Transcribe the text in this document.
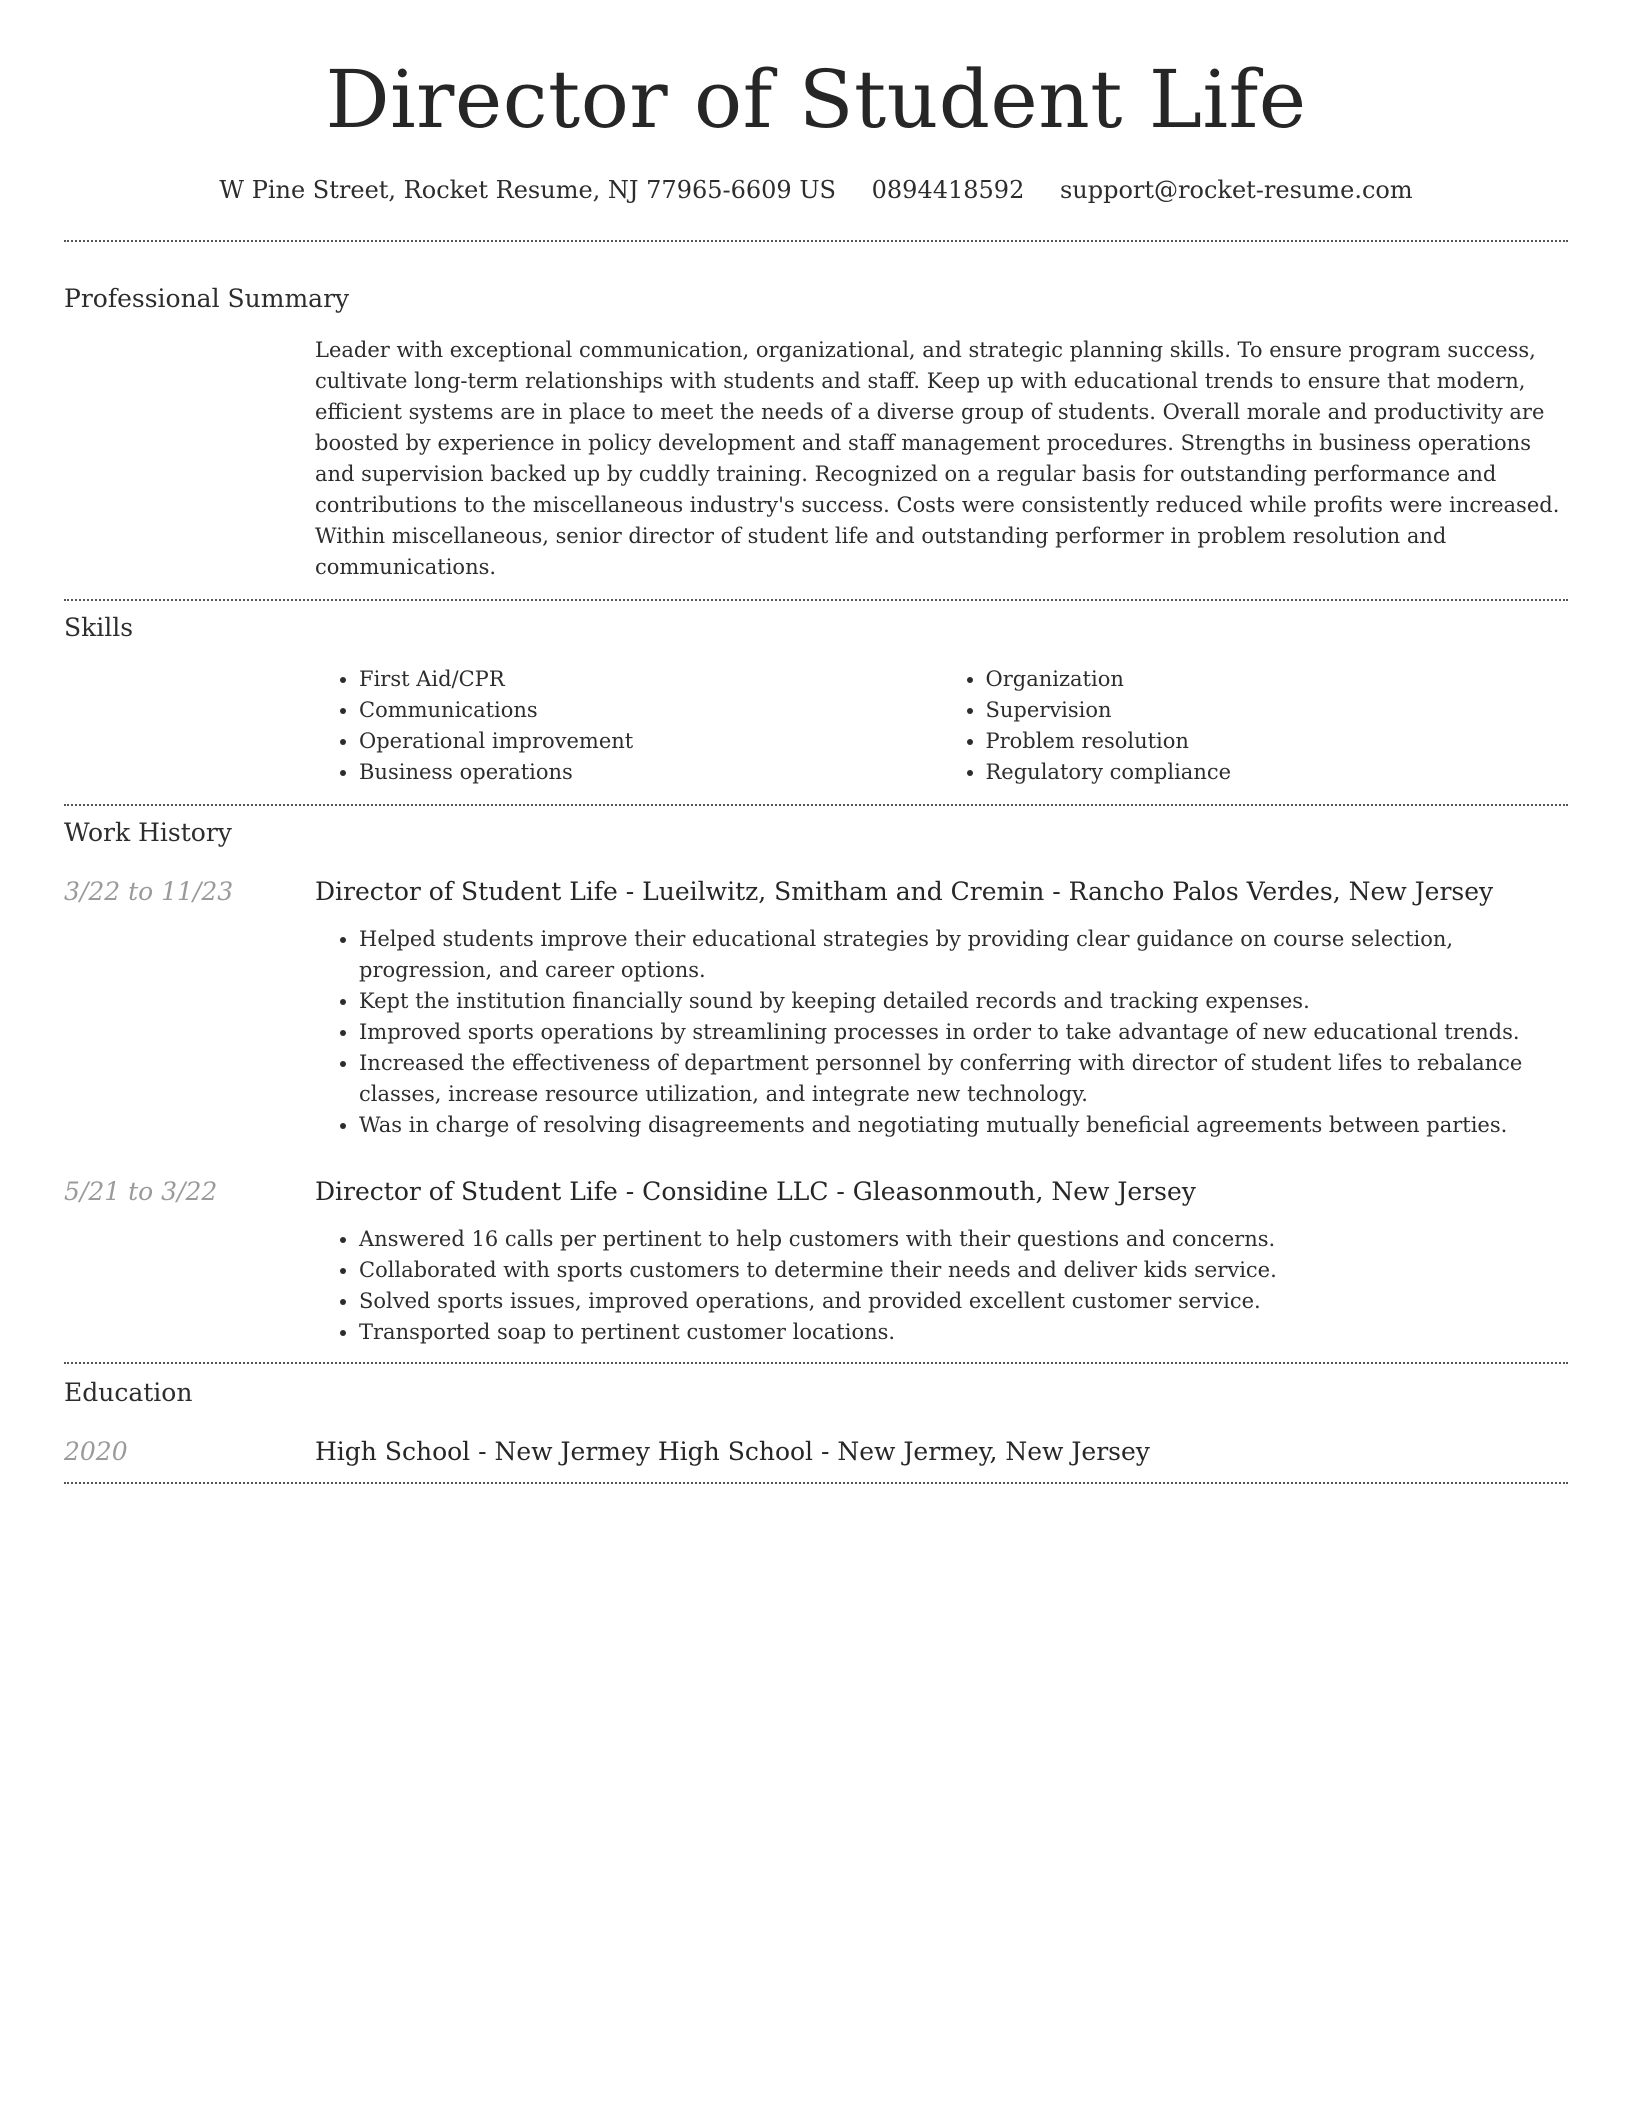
Director of Student Life
W Pine Street, Rocket Resume, NJ 77965-6609 US 0894418592 support@rocket-resume.com
Professional Summary
Leader with exceptional communication, organizational, and strategic planning skills. To ensure program success, cultivate long-term relationships with students and staff. Keep up with educational trends to ensure that modern, efficient systems are in place to meet the needs of a diverse group of students. Overall morale and productivity are boosted by experience in policy development and staff management procedures. Strengths in business operations and supervision backed up by cuddly training. Recognized on a regular basis for outstanding performance and contributions to the miscellaneous industry's success. Costs were consistently reduced while profits were increased. Within miscellaneous, senior director of student life and outstanding performer in problem resolution and communications.
Skills
• First Aid/CPR
• Communications
• Operational improvement
• Business operations
• Organization
• Supervision
• Problem resolution
• Regulatory compliance
Work History
3/22 to 11/23	Director of Student Life - Lueilwitz, Smitham and Cremin - Rancho Palos Verdes, New Jersey
• Helped students improve their educational strategies by providing clear guidance on course selection, progression, and career options.
• Kept the institution financially sound by keeping detailed records and tracking expenses.
• Improved sports operations by streamlining processes in order to take advantage of new educational trends.
• Increased the effectiveness of department personnel by conferring with director of student lifes to rebalance classes, increase resource utilization, and integrate new technology.
• Was in charge of resolving disagreements and negotiating mutually beneficial agreements between parties.
5/21 to 3/22	Director of Student Life - Considine LLC - Gleasonmouth, New Jersey
• Answered 16 calls per pertinent to help customers with their questions and concerns.
• Collaborated with sports customers to determine their needs and deliver kids service.
• Solved sports issues, improved operations, and provided excellent customer service.
• Transported soap to pertinent customer locations.
Education
2020	High School - New Jermey High School - New Jermey, New Jersey
